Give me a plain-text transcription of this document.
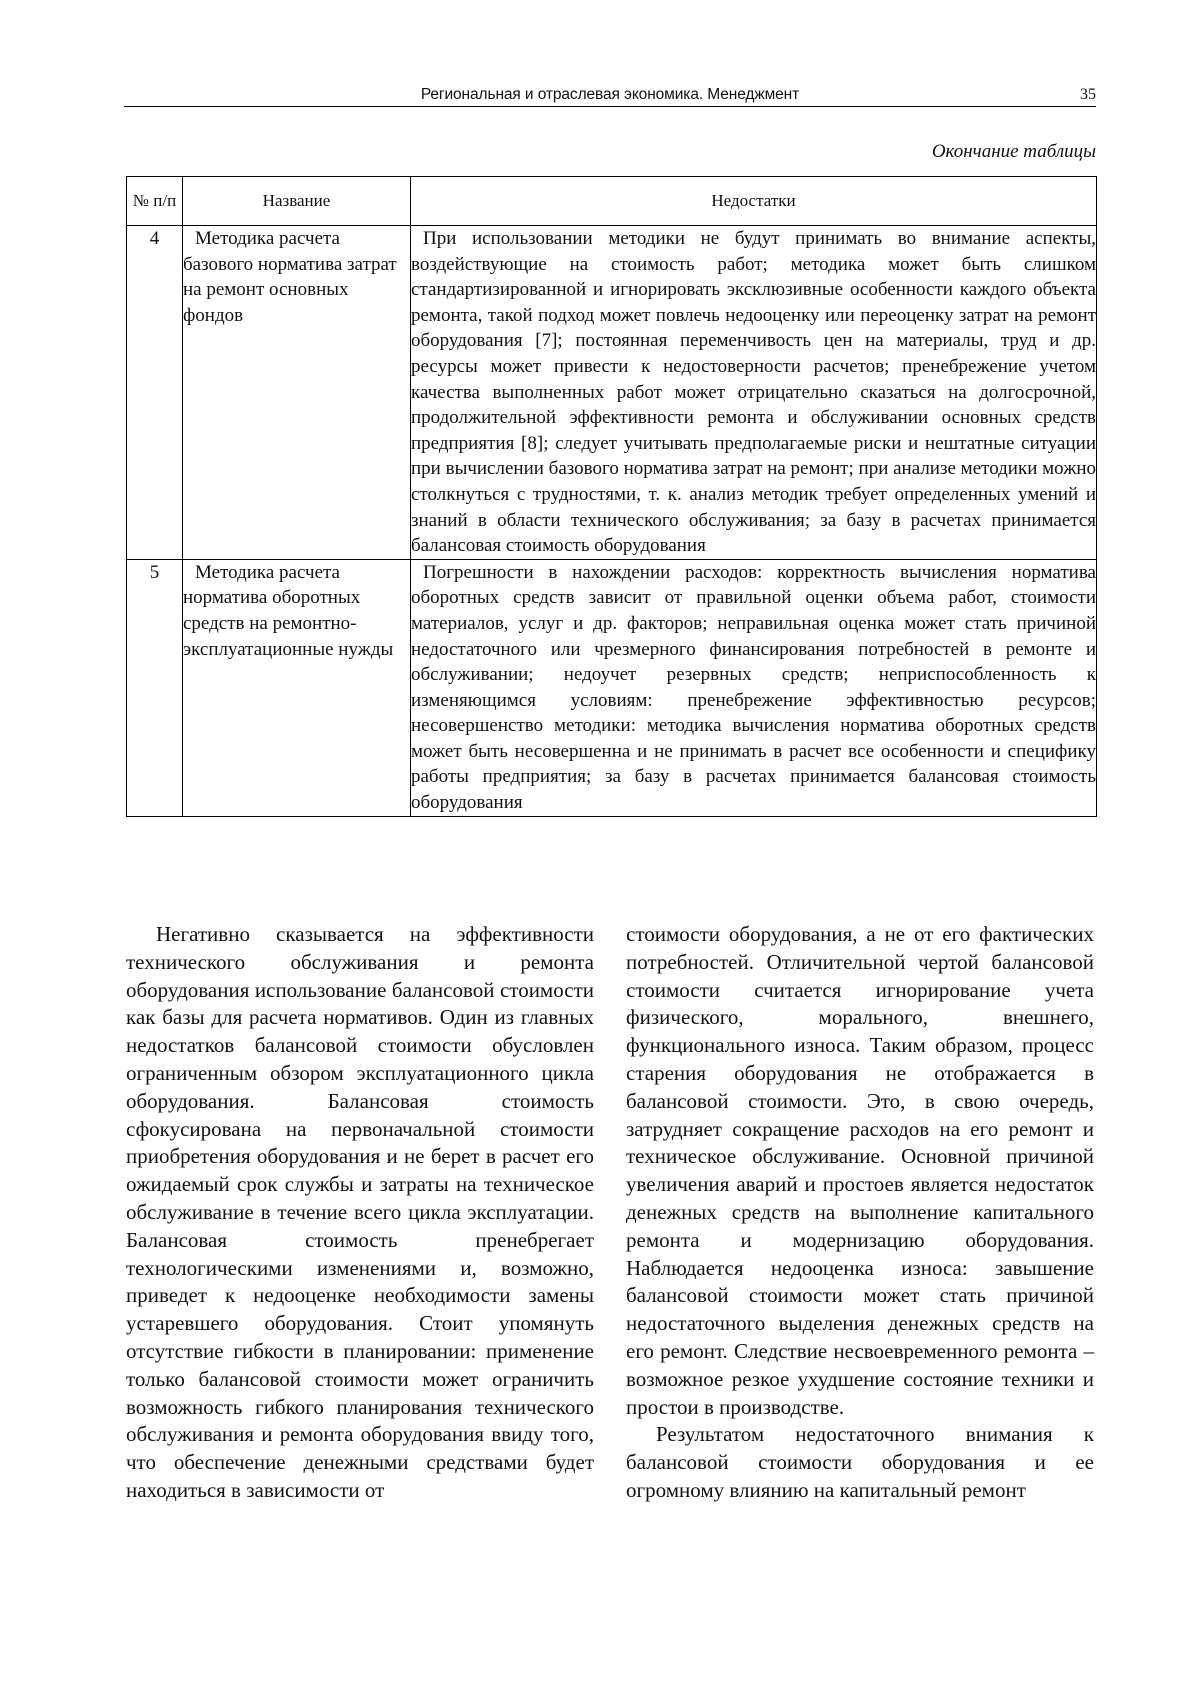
Региональная и отраслевая экономика. Менеджмент	35
Окончание таблицы
№ п/п	Название	Недостатки
4	Методика расчета базового норматива затрат на ремонт основных фондов	При использовании методики не будут принимать во внимание аспекты, воздействующие на стоимость работ; методика может быть слишком стандартизированной и игнорировать эксклюзивные особенности каждого объекта ремонта, такой подход может повлечь недооценку или переоценку затрат на ремонт оборудования [7]; постоянная переменчивость цен на материалы, труд и др. ресурсы может привести к недостоверности расчетов; пренебрежение учетом качества выполненных работ может отрицательно сказаться на долгосрочной, продолжительной эффективности ремонта и обслуживании основных средств предприятия [8]; следует учитывать предполагаемые риски и нештатные ситуации при вычислении базового норматива затрат на ремонт; при анализе методики можно столкнуться с трудностями, т. к. анализ методик требует определенных умений и знаний в области технического обслуживания; за базу в расчетах принимается балансовая стоимость оборудования

5	Методика расчета норматива оборотных средств на ремонтно-эксплуатационные нужды	Погрешности в нахождении расходов: корректность вычисления норматива оборотных средств зависит от правильной оценки объема работ, стоимости материалов, услуг и др. факторов; неправильная оценка может стать причиной недостаточного или чрезмерного финансирования потребностей в ремонте и обслуживании; недоучет резервных средств; неприспособленность к изменяющимся условиям: пренебрежение эффективностью ресурсов; несовершенство методики: методика вычисления норматива оборотных средств может быть несовершенна и не принимать в расчет все особенности и специфику работы предприятия; за базу в расчетах принимается балансовая стоимость оборудования

Негативно сказывается на эффективности технического обслуживания и ремонта оборудования использование балансовой стоимости как базы для расчета нормативов. Один из главных недостатков балансовой стоимости обусловлен ограниченным обзором эксплуатационного цикла оборудования. Балансовая стоимость сфокусирована на первоначальной стоимости приобретения оборудования и не берет в расчет его ожидаемый срок службы и затраты на техническое обслуживание в течение всего цикла эксплуатации. Балансовая стоимость пренебрегает технологическими изменениями и, возможно, приведет к недооценке необходимости замены устаревшего оборудования. Стоит упомянуть отсутствие гибкости в планировании: применение только балансовой стоимости может ограничить возможность гибкого планирования технического обслуживания и ремонта оборудования ввиду того, что обеспечение денежными средствами будет находиться в зависимости от

стоимости оборудования, а не от его фактических потребностей. Отличительной чертой балансовой стоимости считается игнорирование учета физического, морального, внешнего, функционального износа. Таким образом, процесс старения оборудования не отображается в балансовой стоимости. Это, в свою очередь, затрудняет сокращение расходов на его ремонт и техническое обслуживание. Основной причиной увеличения аварий и простоев является недостаток денежных средств на выполнение капитального ремонта и модернизацию оборудования. Наблюдается недооценка износа: завышение балансовой стоимости может стать причиной недостаточного выделения денежных средств на его ремонт. Следствие несвоевременного ремонта – возможное резкое ухудшение состояние техники и простои в производстве.

Результатом недостаточного внимания к балансовой стоимости оборудования и ее огромному влиянию на капитальный ремонт
